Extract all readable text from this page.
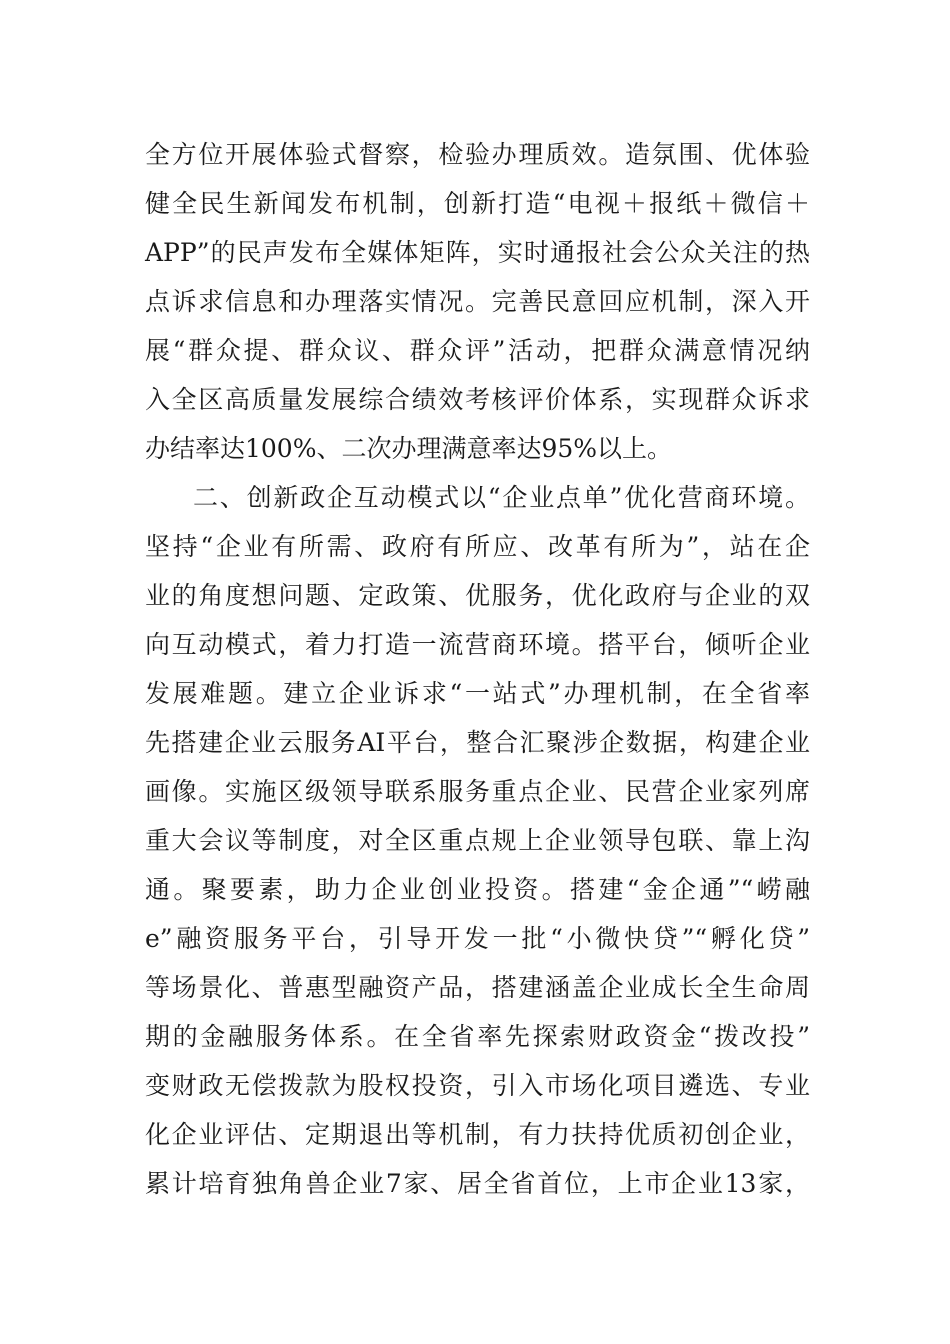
全方位开展体验式督察，检验办理质效。造氛围、优体验
健全民生新闻发布机制，创新打造“电视＋报纸＋微信＋
APP”的民声发布全媒体矩阵，实时通报社会公众关注的热
点诉求信息和办理落实情况。完善民意回应机制，深入开
展“群众提、群众议、群众评”活动，把群众满意情况纳
入全区高质量发展综合绩效考核评价体系，实现群众诉求
办结率达100%、二次办理满意率达95%以上。
二、创新政企互动模式以“企业点单”优化营商环境。
坚持“企业有所需、政府有所应、改革有所为”，站在企
业的角度想问题、定政策、优服务，优化政府与企业的双
向互动模式，着力打造一流营商环境。搭平台，倾听企业
发展难题。建立企业诉求“一站式”办理机制，在全省率
先搭建企业云服务AI平台，整合汇聚涉企数据，构建企业
画像。实施区级领导联系服务重点企业、民营企业家列席
重大会议等制度，对全区重点规上企业领导包联、靠上沟
通。聚要素，助力企业创业投资。搭建“金企通”“崂融
e”融资服务平台，引导开发一批“小微快贷”“孵化贷”
等场景化、普惠型融资产品，搭建涵盖企业成长全生命周
期的金融服务体系。在全省率先探索财政资金“拨改投”
变财政无偿拨款为股权投资，引入市场化项目遴选、专业
化企业评估、定期退出等机制，有力扶持优质初创企业，
累计培育独角兽企业7家、居全省首位，上市企业13家，
